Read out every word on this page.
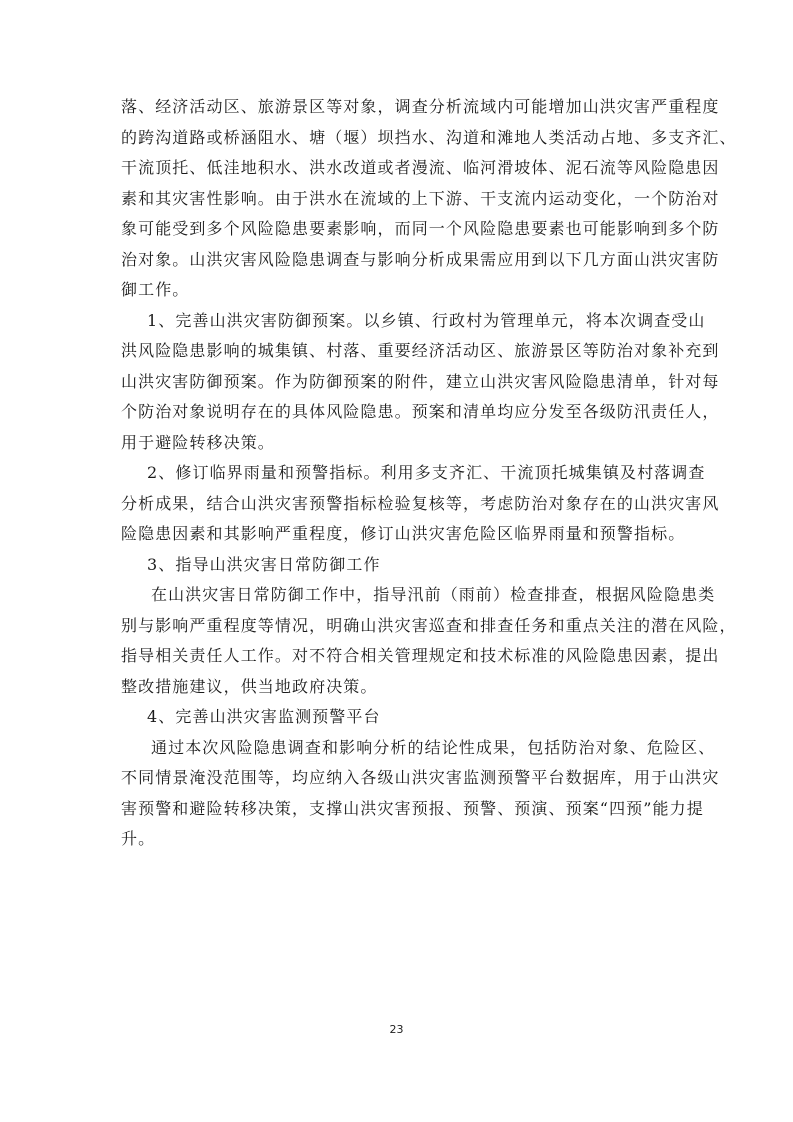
落、经济活动区、旅游景区等对象，调查分析流域内可能增加山洪灾害严重程度
的跨沟道路或桥涵阻水、塘（堰）坝挡水、沟道和滩地人类活动占地、多支齐汇、
干流顶托、低洼地积水、洪水改道或者漫流、临河滑坡体、泥石流等风险隐患因
素和其灾害性影响。由于洪水在流域的上下游、干支流内运动变化，一个防治对
象可能受到多个风险隐患要素影响，而同一个风险隐患要素也可能影响到多个防
治对象。山洪灾害风险隐患调查与影响分析成果需应用到以下几方面山洪灾害防
御工作。
1、完善山洪灾害防御预案。以乡镇、行政村为管理单元，将本次调查受山
洪风险隐患影响的城集镇、村落、重要经济活动区、旅游景区等防治对象补充到
山洪灾害防御预案。作为防御预案的附件，建立山洪灾害风险隐患清单，针对每
个防治对象说明存在的具体风险隐患。预案和清单均应分发至各级防汛责任人，
用于避险转移决策。
2、修订临界雨量和预警指标。利用多支齐汇、干流顶托城集镇及村落调查
分析成果，结合山洪灾害预警指标检验复核等，考虑防治对象存在的山洪灾害风
险隐患因素和其影响严重程度，修订山洪灾害危险区临界雨量和预警指标。
3、指导山洪灾害日常防御工作
在山洪灾害日常防御工作中，指导汛前（雨前）检查排查，根据风险隐患类
别与影响严重程度等情况，明确山洪灾害巡查和排查任务和重点关注的潜在风险，
指导相关责任人工作。对不符合相关管理规定和技术标准的风险隐患因素，提出
整改措施建议，供当地政府决策。
4、完善山洪灾害监测预警平台
通过本次风险隐患调查和影响分析的结论性成果，包括防治对象、危险区、
不同情景淹没范围等，均应纳入各级山洪灾害监测预警平台数据库，用于山洪灾
害预警和避险转移决策，支撑山洪灾害预报、预警、预演、预案“四预”能力提
升。
23
